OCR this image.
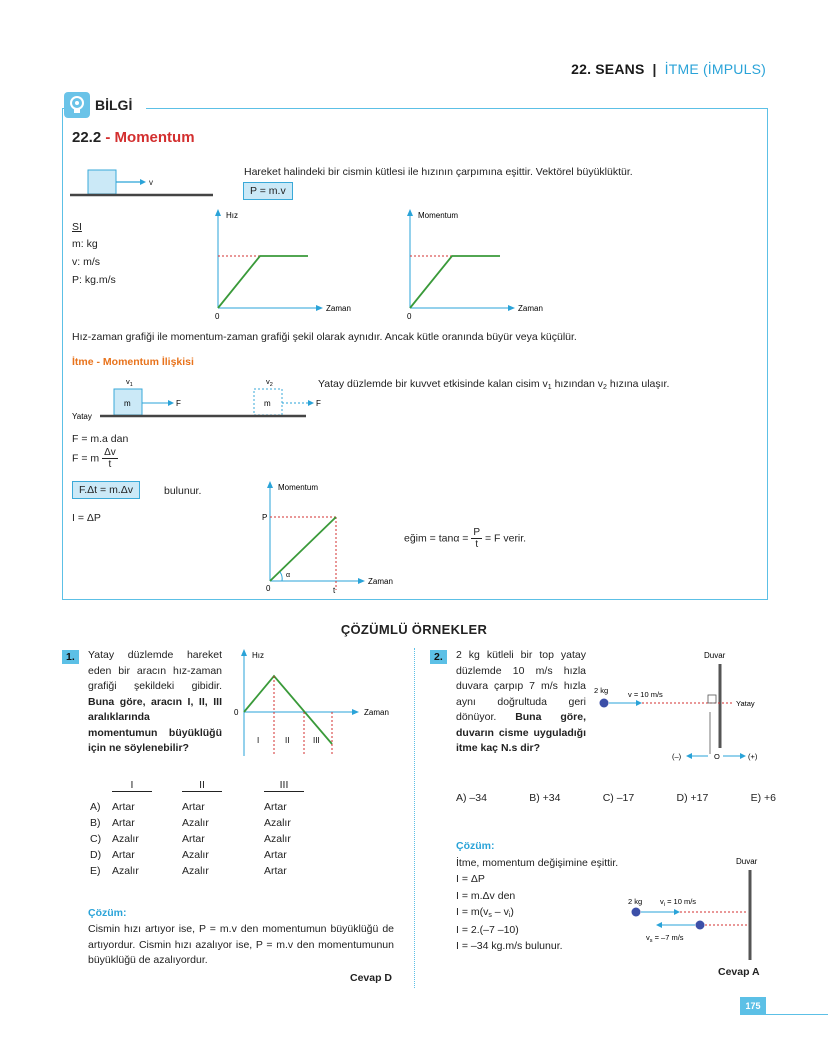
22. SEANS | İTME (İMPULS)
BİLGİ
22.2 - Momentum
v
Hareket halindeki bir cismin kütlesi ile hızının çarpımına eşittir. Vektörel büyüklüktür.
P = m.v
SI
m: kg
v: m/s
P: kg.m/s
Hız
Zaman
0
Momentum
Zaman
0
Hız-zaman grafiği ile momentum-zaman grafiği şekil olarak aynıdır. Ancak kütle oranında büyür veya küçülür.
İtme - Momentum İlişkisi
$v_1$	$v_2$
m	F	m	F
Yatay
Yatay düzlemde bir kuvvet etkisinde kalan cisim $v_1$ hızından $v_2$ hızına ulaşır.
F = m.a dan
F = m $\frac{\Delta v}{t}$
F.Δt = m.Δv	bulunur.
I = ΔP
α
Momentum
Zaman
0
P
t
eğim = $\tan\alpha = \frac{P}{t} = F$ verir.
ÇÖZÜMLÜ ÖRNEKLER
1.	Yatay düzlemde hareket eden bir aracın hız-zaman grafiği şekildeki gibidir. Buna göre, aracın I, II, III aralıklarında momentumun büyüklüğü için ne söylenebilir?
Hız
Zaman
0
I	II	III
	I	II	III

A)	Artar	Artar	Artar
B)	Artar	Azalır	Azalır
C)	Azalır	Artar	Azalır
D)	Artar	Azalır	Artar
E)	Azalır	Azalır	Artar
Çözüm:
Cismin hızı artıyor ise, P = m.v den momentumun büyüklüğü de artıyordur. Cismin hızı azalıyor ise, P = m.v den momentumunun büyüklüğü de azalıyordur.
Cevap D
2.	2 kg kütleli bir top yatay düzlemde 10 m/s hızla duvara çarpıp 7 m/s hızla aynı doğrultuda geri dönüyor. Buna göre, duvarın cisme uyguladığı itme kaç N.s dir?
Duvar
2 kg	v = 10 m/s
Yatay
(–)	O	(+)
A) –34	B) +34	C) –17	D) +17	E) +6
Çözüm:
İtme, momentum değişimine eşittir.
I = ΔP
I = m.Δv den
$I = m(v_s - v_i)$
I = 2.(–7 –10)
I = –34 kg.m/s bulunur.
Duvar
2 kg $v_i = 10$ m/s
$v_s = -7$ m/s
Cevap A
175
